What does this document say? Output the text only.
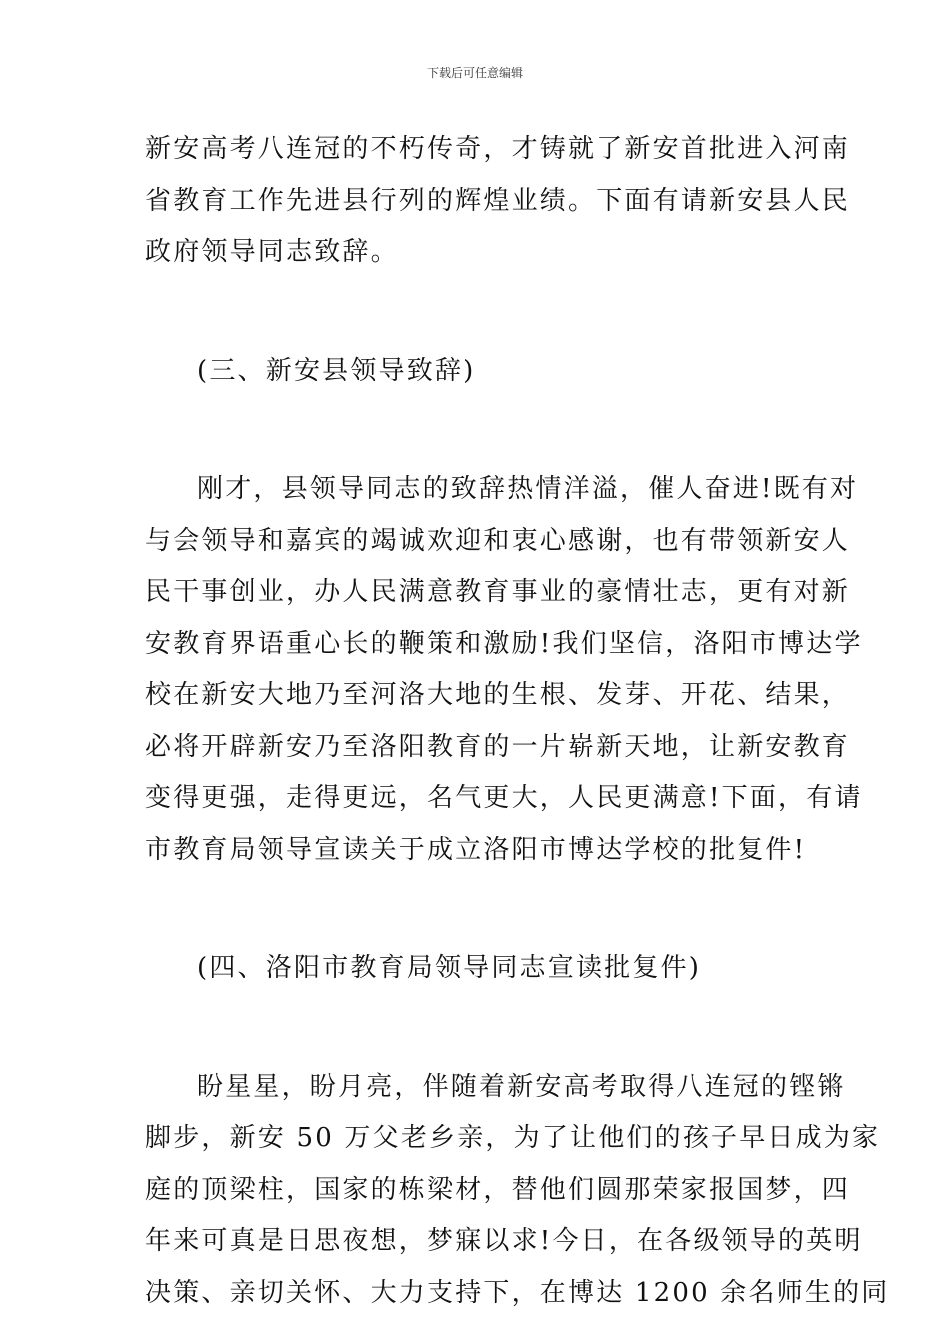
下载后可任意编辑

新安高考八连冠的不朽传奇，才铸就了新安首批进入河南
省教育工作先进县行列的辉煌业绩。下面有请新安县人民
政府领导同志致辞。

(三、新安县领导致辞)

刚才，县领导同志的致辞热情洋溢，催人奋进!既有对
与会领导和嘉宾的竭诚欢迎和衷心感谢，也有带领新安人
民干事创业，办人民满意教育事业的豪情壮志，更有对新
安教育界语重心长的鞭策和激励!我们坚信，洛阳市博达学
校在新安大地乃至河洛大地的生根、发芽、开花、结果，
必将开辟新安乃至洛阳教育的一片崭新天地，让新安教育
变得更强，走得更远，名气更大，人民更满意!下面，有请
市教育局领导宣读关于成立洛阳市博达学校的批复件!

(四、洛阳市教育局领导同志宣读批复件)

盼星星，盼月亮，伴随着新安高考取得八连冠的铿锵
脚步，新安 50 万父老乡亲，为了让他们的孩子早日成为家
庭的顶梁柱，国家的栋梁材，替他们圆那荣家报国梦，四
年来可真是日思夜想，梦寐以求!今日，在各级领导的英明
决策、亲切关怀、大力支持下，在博达 1200 余名师生的同
